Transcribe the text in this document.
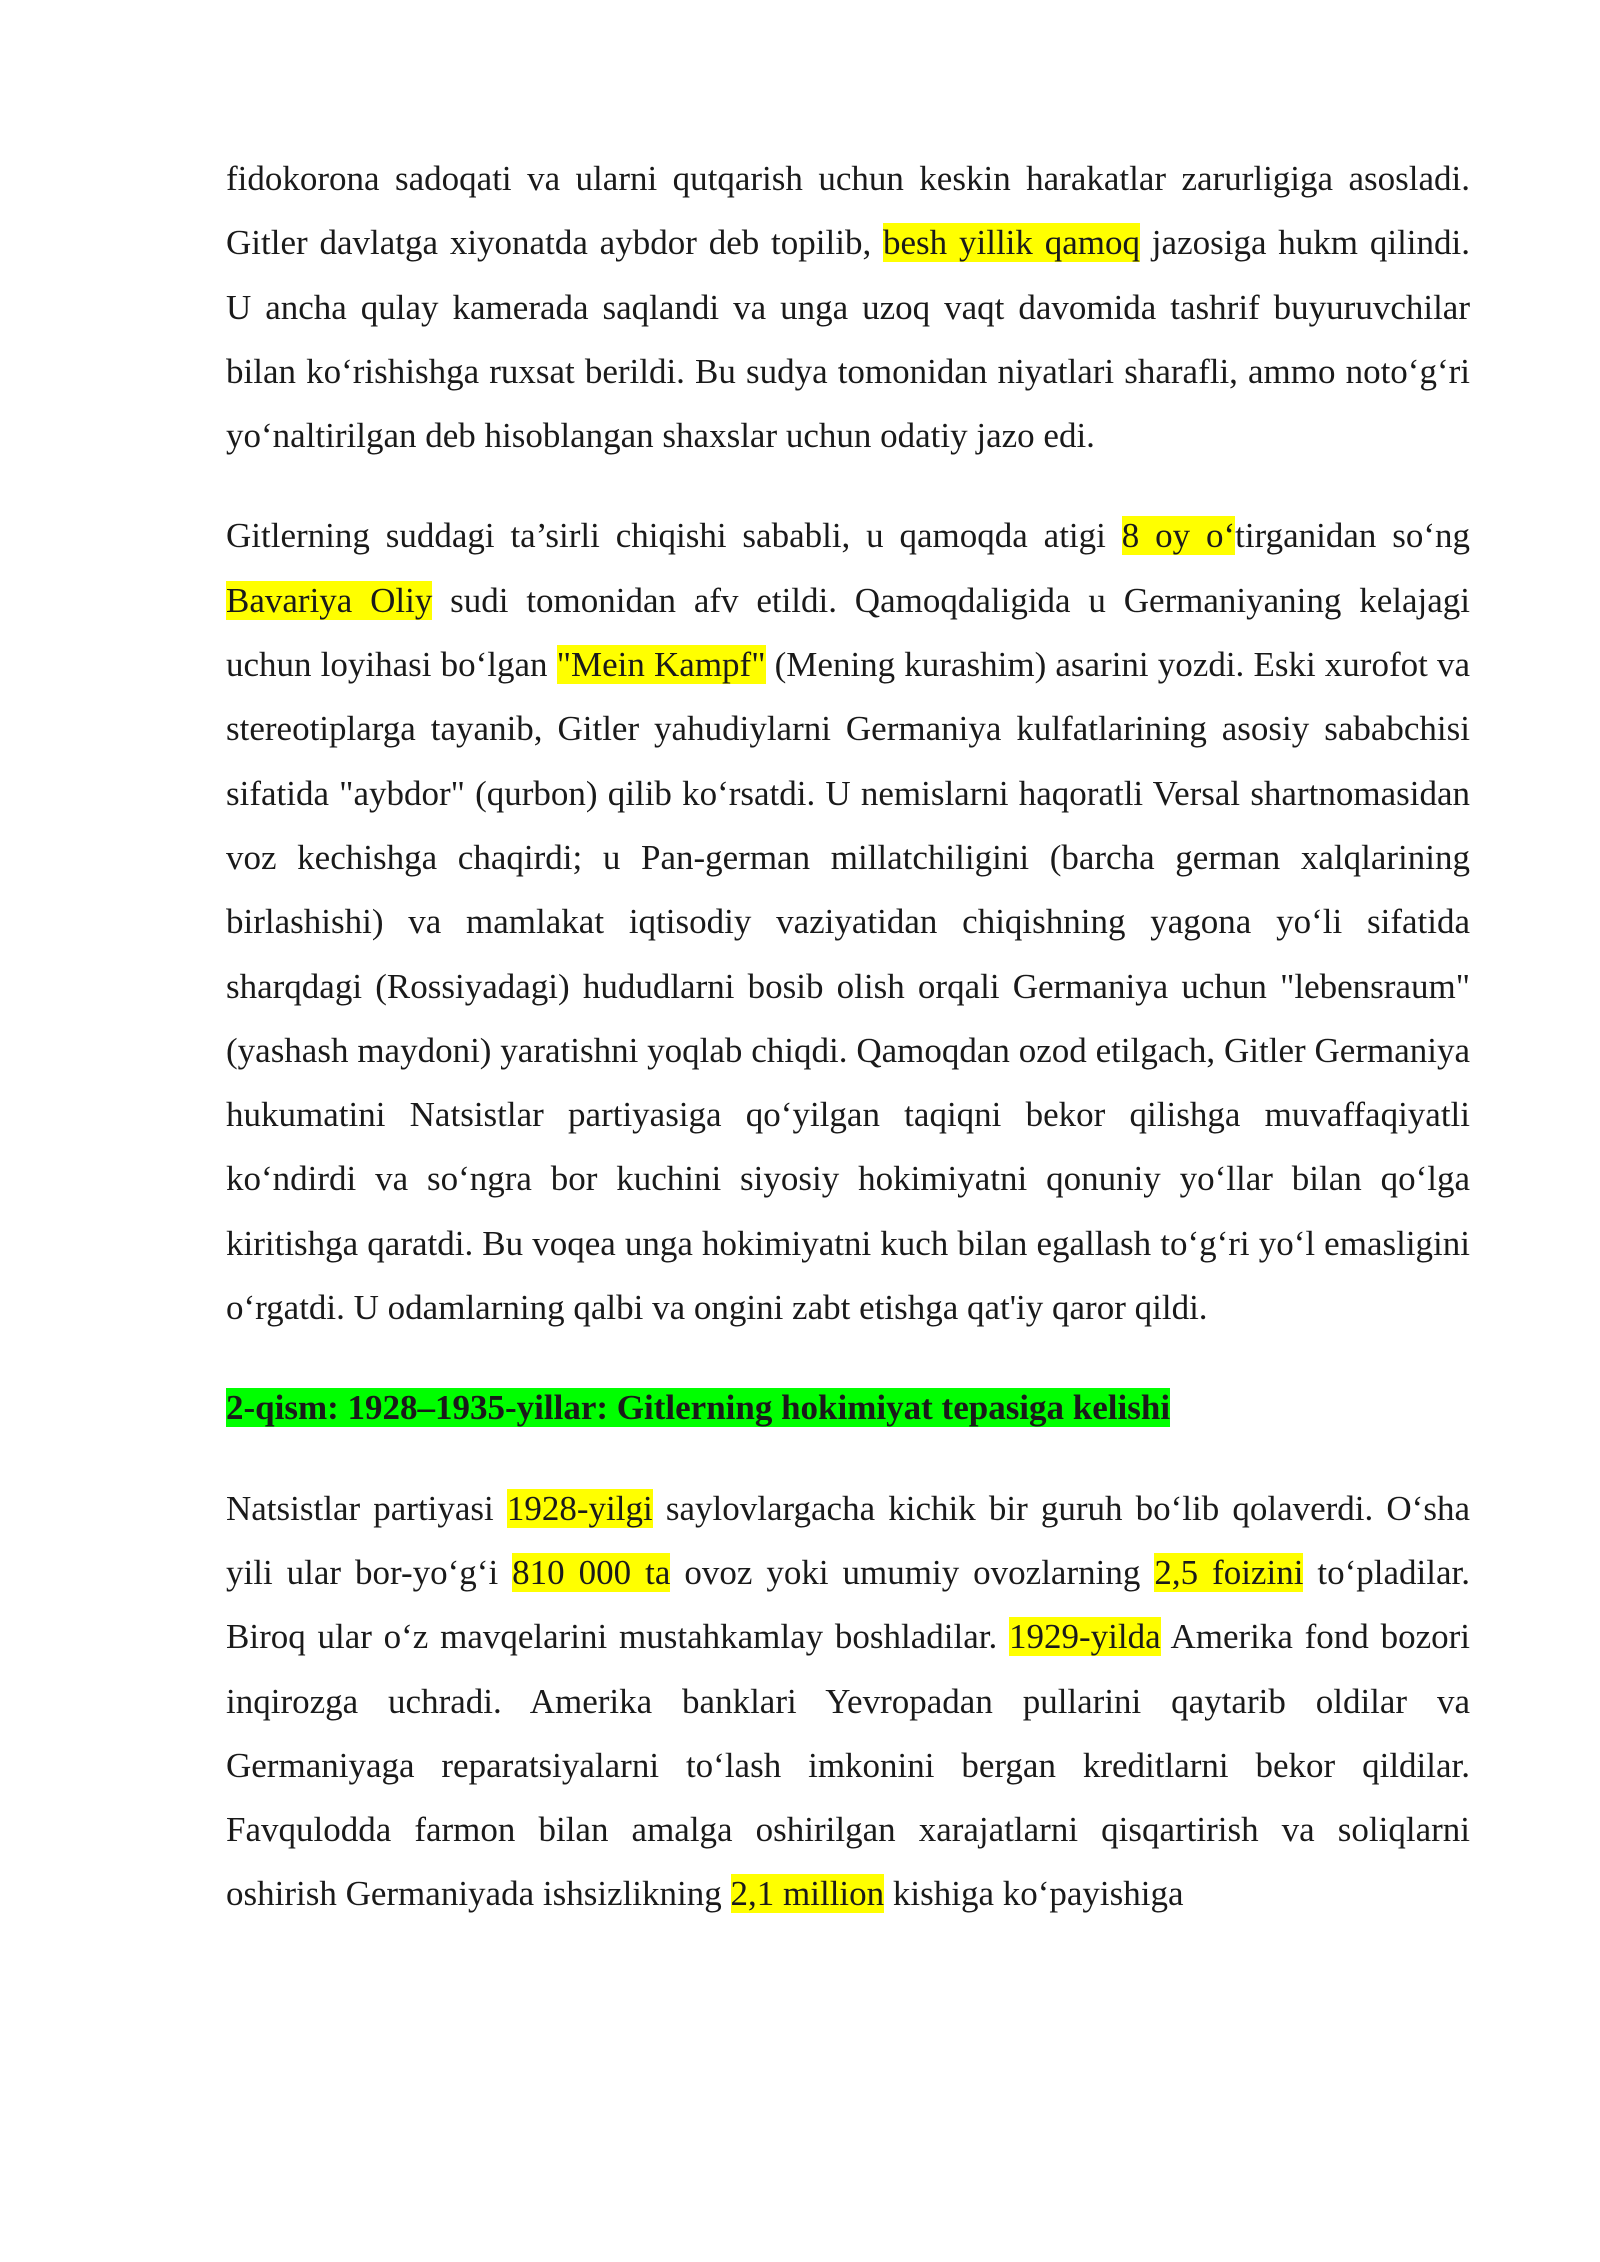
fidokorona sadoqati va ularni qutqarish uchun keskin harakatlar zarurligiga asosladi. Gitler davlatga xiyonatda aybdor deb topilib, besh yillik qamoq jazosiga hukm qilindi. U ancha qulay kamerada saqlandi va unga uzoq vaqt davomida tashrif buyuruvchilar bilan ko‘rishishga ruxsat berildi. Bu sudya tomonidan niyatlari sharafli, ammo noto‘g‘ri yo‘naltirilgan deb hisoblangan shaxslar uchun odatiy jazo edi.

Gitlerning suddagi ta’sirli chiqishi sababli, u qamoqda atigi 8 oy o‘tirganidan so‘ng Bavariya Oliy sudi tomonidan afv etildi. Qamoqdaligida u Germaniyaning kelajagi uchun loyihasi bo‘lgan "Mein Kampf" (Mening kurashim) asarini yozdi. Eski xurofot va stereotiplarga tayanib, Gitler yahudiylarni Germaniya kulfatlarining asosiy sababchisi sifatida "aybdor" (qurbon) qilib ko‘rsatdi. U nemislarni haqoratli Versal shartnomasidan voz kechishga chaqirdi; u Pan-german millatchiligini (barcha german xalqlarining birlashishi) va mamlakat iqtisodiy vaziyatidan chiqishning yagona yo‘li sifatida sharqdagi (Rossiyadagi) hududlarni bosib olish orqali Germaniya uchun "lebensraum" (yashash maydoni) yaratishni yoqlab chiqdi. Qamoqdan ozod etilgach, Gitler Germaniya hukumatini Natsistlar partiyasiga qo‘yilgan taqiqni bekor qilishga muvaffaqiyatli ko‘ndirdi va so‘ngra bor kuchini siyosiy hokimiyatni qonuniy yo‘llar bilan qo‘lga kiritishga qaratdi. Bu voqea unga hokimiyatni kuch bilan egallash to‘g‘ri yo‘l emasligini o‘rgatdi. U odamlarning qalbi va ongini zabt etishga qat'iy qaror qildi.

2-qism: 1928–1935-yillar: Gitlerning hokimiyat tepasiga kelishi

Natsistlar partiyasi 1928-yilgi saylovlargacha kichik bir guruh bo‘lib qolaverdi. O‘sha yili ular bor-yo‘g‘i 810 000 ta ovoz yoki umumiy ovozlarning 2,5 foizini to‘pladilar. Biroq ular o‘z mavqelarini mustahkamlay boshladilar. 1929-yilda Amerika fond bozori inqirozga uchradi. Amerika banklari Yevropadan pullarini qaytarib oldilar va Germaniyaga reparatsiyalarni to‘lash imkonini bergan kreditlarni bekor qildilar. Favqulodda farmon bilan amalga oshirilgan xarajatlarni qisqartirish va soliqlarni oshirish Germaniyada ishsizlikning 2,1 million kishiga ko‘payishiga
